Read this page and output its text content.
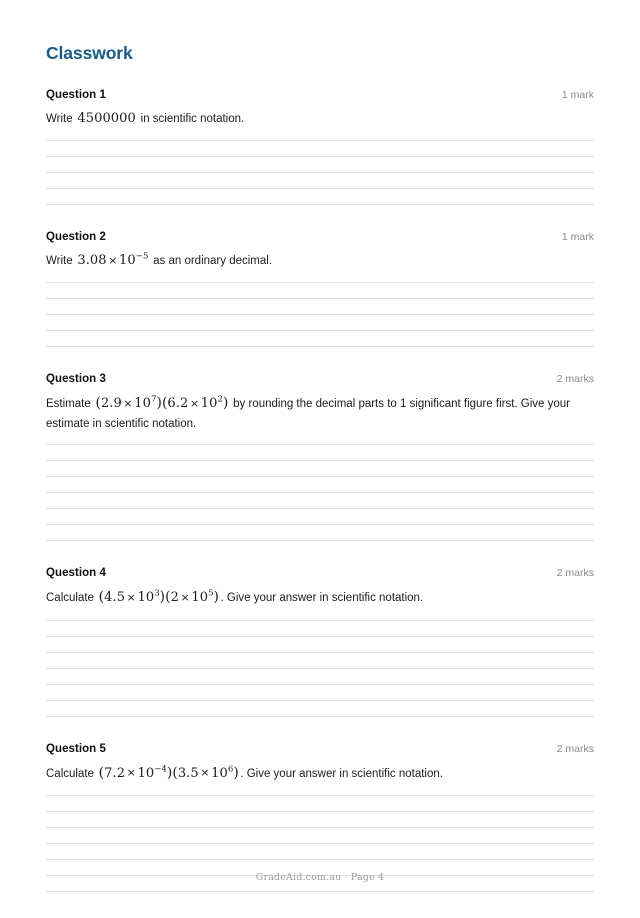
Classwork
Question 1	1 mark

Write 4500000 in scientific notation.

Question 2	1 mark

Write $3.08 \times 10^{-5}$ as an ordinary decimal.

Question 3	2 marks

Estimate $(2.9 \times 10^7)(6.2 \times 10^2)$ by rounding the decimal parts to 1 significant figure first. Give your estimate in scientific notation.

Question 4	2 marks

Calculate $(4.5 \times 10^3)(2 \times 10^5)$ . Give your answer in scientific notation.

Question 5	2 marks

Calculate $(7.2 \times 10^{-4})(3.5 \times 10^6)$ . Give your answer in scientific notation.

GradeAid.com.au · Page 4
